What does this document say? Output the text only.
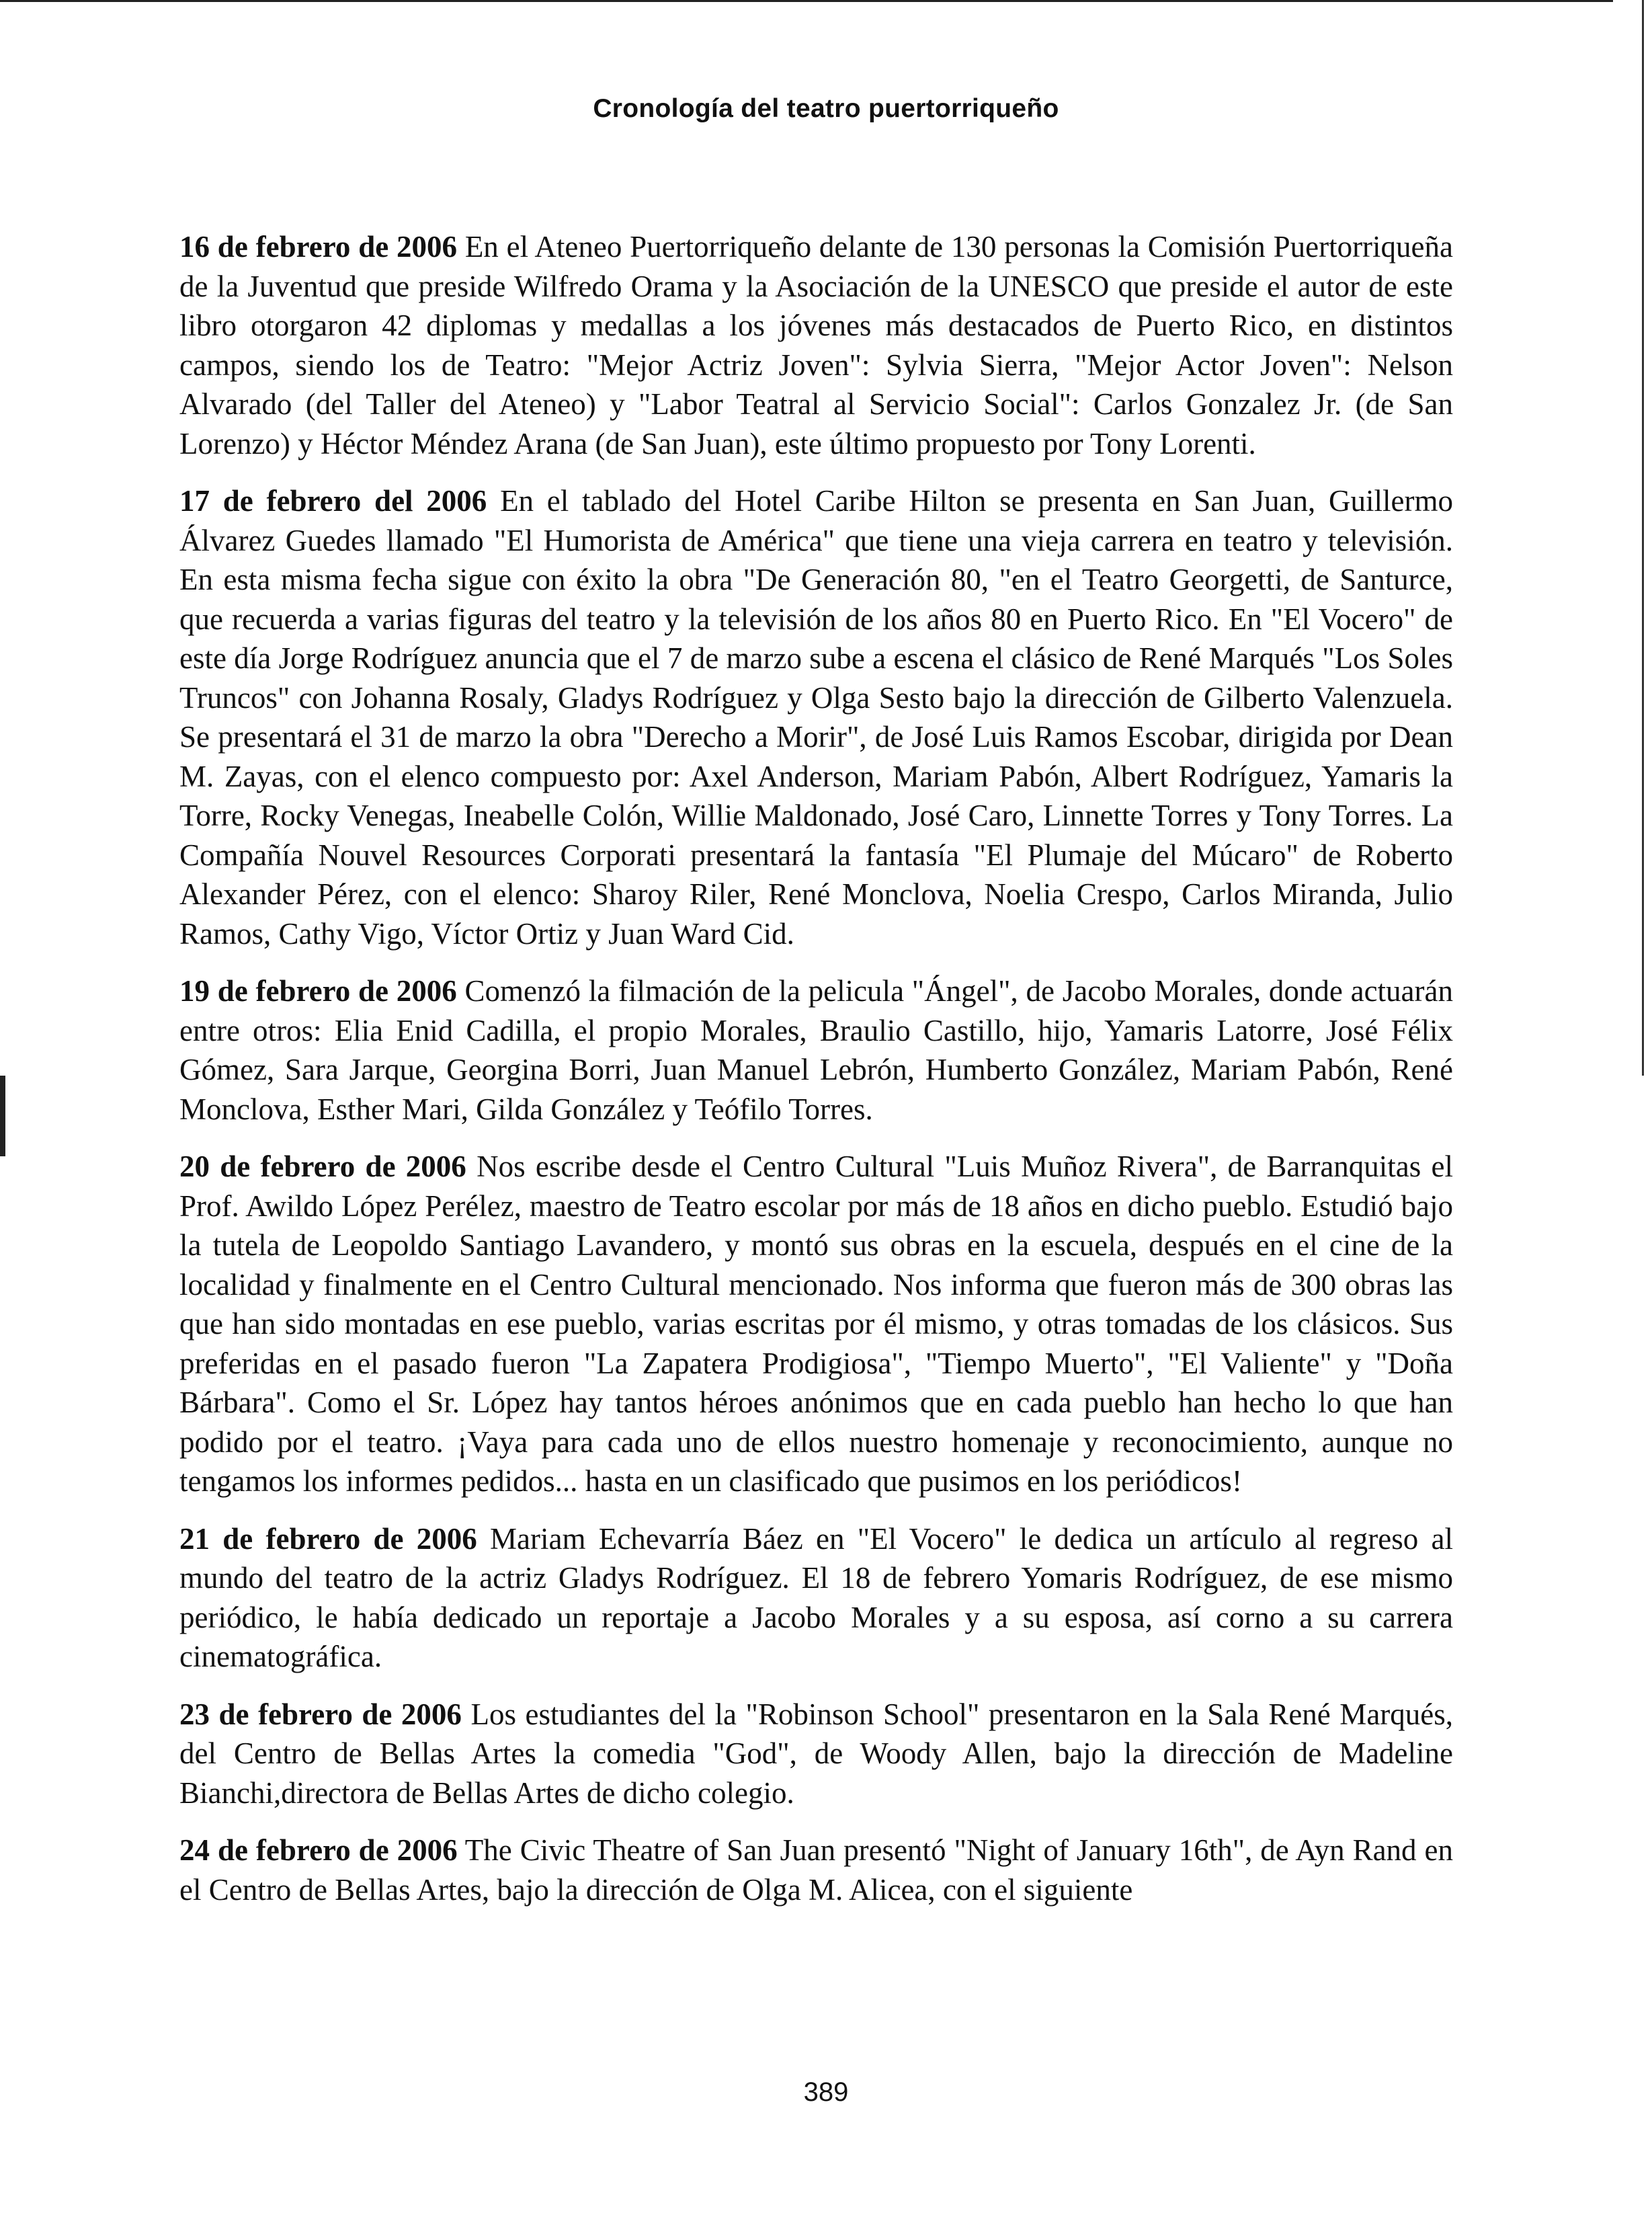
Cronología del teatro puertorriqueño

16 de febrero de 2006 En el Ateneo Puertorriqueño delante de 130 personas la Comisión Puertorriqueña de la Juventud que preside Wilfredo Orama y la Asociación de la UNESCO que preside el autor de este libro otorgaron 42 diplomas y medallas a los jóvenes más destacados de Puerto Rico, en distintos campos, siendo los de Teatro: "Mejor Actriz Joven": Sylvia Sierra, "Mejor Actor Joven": Nelson Alvarado (del Taller del Ateneo) y "Labor Teatral al Servicio Social": Carlos Gonzalez Jr. (de San Lorenzo) y Héctor Méndez Arana (de San Juan), este último propuesto por Tony Lorenti.

17 de febrero del 2006 En el tablado del Hotel Caribe Hilton se presenta en San Juan, Guillermo Álvarez Guedes llamado "El Humorista de América" que tiene una vieja carrera en teatro y televisión. En esta misma fecha sigue con éxito la obra "De Generación 80, "en el Teatro Georgetti, de Santurce, que recuerda a varias figuras del teatro y la televisión de los años 80 en Puerto Rico. En "El Vocero" de este día Jorge Rodríguez anuncia que el 7 de marzo sube a escena el clásico de René Marqués "Los Soles Truncos" con Johanna Rosaly, Gladys Rodríguez y Olga Sesto bajo la dirección de Gilberto Valenzuela. Se presentará el 31 de marzo la obra "Derecho a Morir", de José Luis Ramos Escobar, dirigida por Dean M. Zayas, con el elenco compuesto por: Axel Anderson, Mariam Pabón, Albert Rodríguez, Yamaris la Torre, Rocky Venegas, Ineabelle Colón, Willie Maldonado, José Caro, Linnette Torres y Tony Torres. La Compañía Nouvel Resources Corporati presentará la fantasía "El Plumaje del Múcaro" de Roberto Alexander Pérez, con el elenco: Sharoy Riler, René Monclova, Noelia Crespo, Carlos Miranda, Julio Ramos, Cathy Vigo, Víctor Ortiz y Juan Ward Cid.

19 de febrero de 2006 Comenzó la filmación de la pelicula "Ángel", de Jacobo Morales, donde actuarán entre otros: Elia Enid Cadilla, el propio Morales, Braulio Castillo, hijo, Yamaris Latorre, José Félix Gómez, Sara Jarque, Georgina Borri, Juan Manuel Lebrón, Humberto González, Mariam Pabón, René Monclova, Esther Mari, Gilda González y Teófilo Torres.

20 de febrero de 2006 Nos escribe desde el Centro Cultural "Luis Muñoz Rivera", de Barranquitas el Prof. Awildo López Perélez, maestro de Teatro escolar por más de 18 años en dicho pueblo. Estudió bajo la tutela de Leopoldo Santiago Lavandero, y montó sus obras en la escuela, después en el cine de la localidad y finalmente en el Centro Cultural mencionado. Nos informa que fueron más de 300 obras las que han sido montadas en ese pueblo, varias escritas por él mismo, y otras tomadas de los clásicos. Sus preferidas en el pasado fueron "La Zapatera Prodigiosa", "Tiempo Muerto", "El Valiente" y "Doña Bárbara". Como el Sr. López hay tantos héroes anónimos que en cada pueblo han hecho lo que han podido por el teatro. ¡Vaya para cada uno de ellos nuestro homenaje y reconocimiento, aunque no tengamos los informes pedidos... hasta en un clasificado que pusimos en los periódicos!

21 de febrero de 2006 Mariam Echevarría Báez en "El Vocero" le dedica un artículo al regreso al mundo del teatro de la actriz Gladys Rodríguez. El 18 de febrero Yomaris Rodríguez, de ese mismo periódico, le había dedicado un reportaje a Jacobo Morales y a su esposa, así corno a su carrera cinematográfica.

23 de febrero de 2006 Los estudiantes del la "Robinson School" presentaron en la Sala René Marqués, del Centro de Bellas Artes la comedia "God", de Woody Allen, bajo la dirección de Madeline Bianchi,directora de Bellas Artes de dicho colegio.

24 de febrero de 2006 The Civic Theatre of San Juan presentó "Night of January 16th", de Ayn Rand en el Centro de Bellas Artes, bajo la dirección de Olga M. Alicea, con el siguiente

389
